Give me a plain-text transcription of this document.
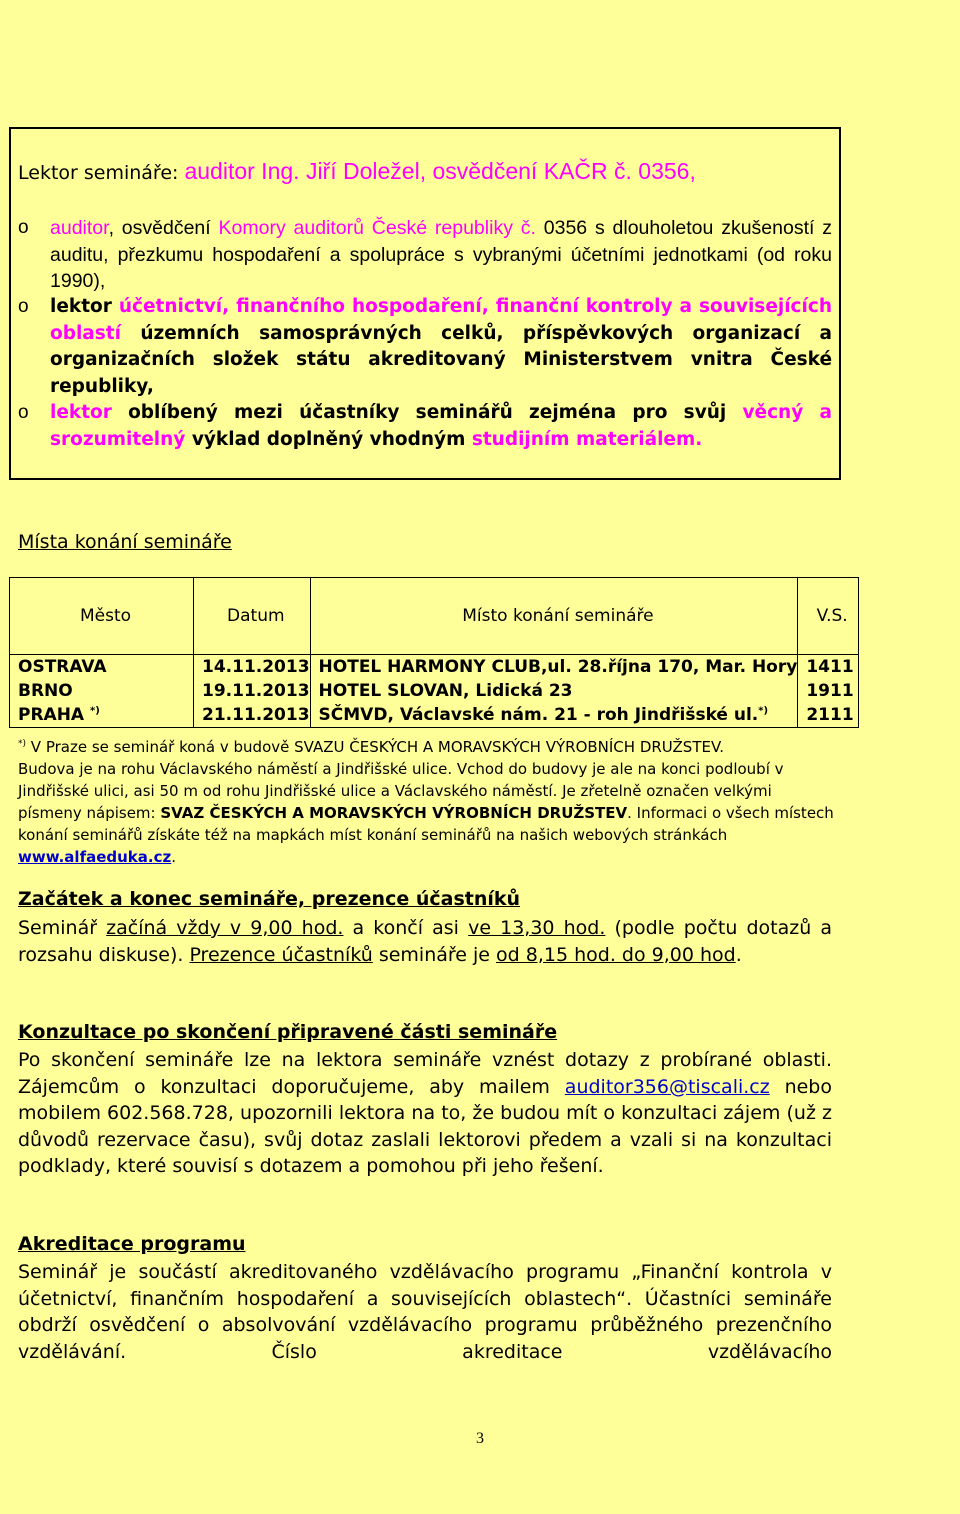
Lektor semináře: auditor Ing. Jiří Doležel, osvědčení KAČR č. 0356,
o auditor, osvědčení Komory auditorů České republiky č. 0356 s dlouholetou zkušeností z auditu, přezkumu hospodaření a spolupráce s vybranými účetními jednotkami (od roku 1990),
o lektor účetnictví, finančního hospodaření, finanční kontroly a souvisejících oblastí územních samosprávných celků, příspěvkových organizací a organizačních složek státu akreditovaný Ministerstvem vnitra České republiky,
o lektor oblíbený mezi účastníky seminářů zejména pro svůj věcný a srozumitelný výklad doplněný vhodným studijním materiálem.
Místa konání semináře
Město	Datum	Místo konání semináře	V.S.
OSTRAVA	14.11.2013	HOTEL HARMONY CLUB,ul. 28.října 170, Mar. Hory	1411
BRNO	19.11.2013	HOTEL SLOVAN, Lidická 23	1911
PRAHA *)	21.11.2013	SČMVD, Václavské nám. 21 - roh Jindřišské ul.*)	2111
*) V Praze se seminář koná v budově SVAZU ČESKÝCH A MORAVSKÝCH VÝROBNÍCH DRUŽSTEV.
Budova je na rohu Václavského náměstí a Jindřišské ulice. Vchod do budovy je ale na konci podloubí v Jindřišské ulici, asi 50 m od rohu Jindřišské ulice a Václavského náměstí. Je zřetelně označen velkými písmeny nápisem: SVAZ ČESKÝCH A MORAVSKÝCH VÝROBNÍCH DRUŽSTEV. Informaci o všech místech konání seminářů získáte též na mapkách míst konání seminářů na našich webových stránkách www.alfaeduka.cz.
Začátek a konec semináře, prezence účastníků
Seminář začíná vždy v 9,00 hod. a končí asi ve 13,30 hod. (podle počtu dotazů a rozsahu diskuse). Prezence účastníků semináře je od 8,15 hod. do 9,00 hod.
Konzultace po skončení připravené části semináře
Po skončení semináře lze na lektora semináře vznést dotazy z probírané oblasti. Zájemcům o konzultaci doporučujeme, aby mailem auditor356@tiscali.cz nebo mobilem 602.568.728, upozornili lektora na to, že budou mít o konzultaci zájem (už z důvodů rezervace času), svůj dotaz zaslali lektorovi předem a vzali si na konzultaci podklady, které souvisí s dotazem a pomohou při jeho řešení.
Akreditace programu
Seminář je součástí akreditovaného vzdělávacího programu „Finanční kontrola v účetnictví, finančním hospodaření a souvisejících oblastech“. Účastníci semináře obdrží osvědčení o absolvování vzdělávacího programu průběžného prezenčního vzdělávání. Číslo akreditace vzdělávacího
3
